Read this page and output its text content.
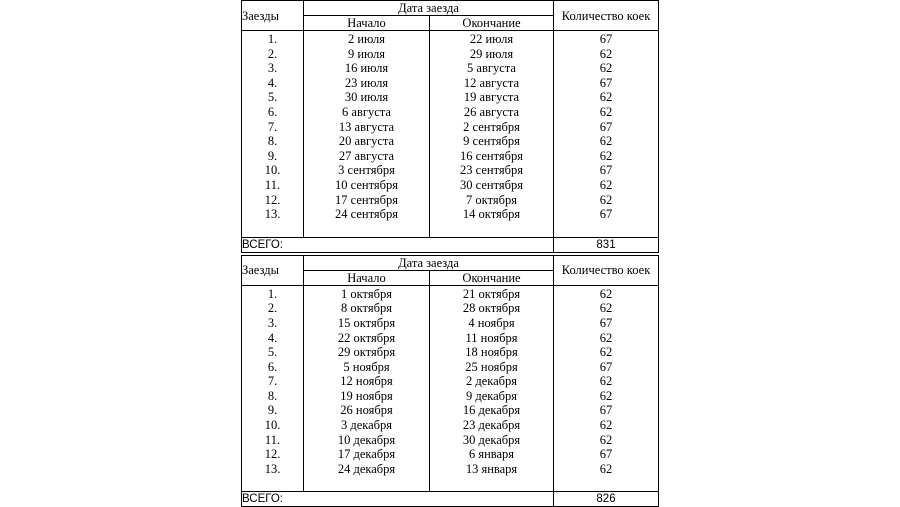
Заезды	Дата заезда		Количество коек
	Начало	Окончание	
1.	2 июля	22 июля	67
2.	9 июля	29 июля	62
3.	16 июля	5 августа	62
4.	23 июля	12 августа	67
5.	30 июля	19 августа	62
6.	6 августа	26 августа	62
7.	13 августа	2 сентября	67
8.	20 августа	9 сентября	62
9.	27 августа	16 сентября	62
10.	3 сентября	23 сентября	67
11.	10 сентября	30 сентября	62
12.	17 сентября	7 октября	62
13.	24 сентября	14 октября	67

ВСЕГО:			831
Заезды	Дата заезда		Количество коек
	Начало	Окончание	
1.	1 октября	21 октября	62
2.	8 октября	28 октября	62
3.	15 октября	4 ноября	67
4.	22 октября	11 ноября	62
5.	29 октября	18 ноября	62
6.	5 ноября	25 ноября	67
7.	12 ноября	2 декабря	62
8.	19 ноября	9 декабря	62
9.	26 ноября	16 декабря	67
10.	3 декабря	23 декабря	62
11.	10 декабря	30 декабря	62
12.	17 декабря	6 января	67
13.	24 декабря	13 января	62

ВСЕГО:			826
